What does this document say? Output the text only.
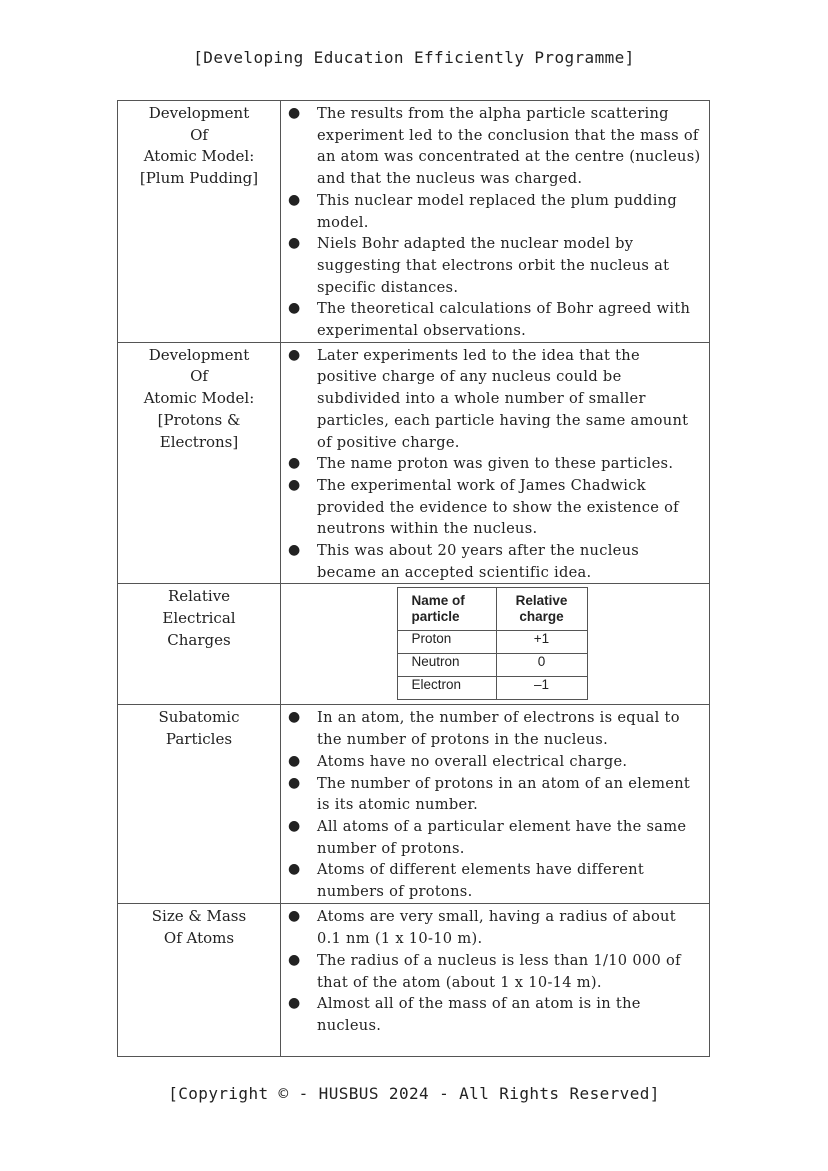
[Developing Education Efficiently Programme]
Development
Of
Atomic Model:
[Plum Pudding]

● The results from the alpha particle scattering experiment led to the conclusion that the mass of an atom was concentrated at the centre (nucleus) and that the nucleus was charged.
● This nuclear model replaced the plum pudding model.
● Niels Bohr adapted the nuclear model by suggesting that electrons orbit the nucleus at specific distances.
● The theoretical calculations of Bohr agreed with experimental observations.

Development
Of
Atomic Model:
[Protons &
Electrons]

● Later experiments led to the idea that the positive charge of any nucleus could be subdivided into a whole number of smaller particles, each particle having the same amount of positive charge.
● The name proton was given to these particles.
● The experimental work of James Chadwick provided the evidence to show the existence of neutrons within the nucleus.
● This was about 20 years after the nucleus became an accepted scientific idea.

Relative
Electrical
Charges

Name of particle	Relative charge
Proton	+1
Neutron	0
Electron	–1

Subatomic
Particles

● In an atom, the number of electrons is equal to the number of protons in the nucleus.
● Atoms have no overall electrical charge.
● The number of protons in an atom of an element is its atomic number.
● All atoms of a particular element have the same number of protons.
● Atoms of different elements have different numbers of protons.

Size & Mass
Of Atoms

● Atoms are very small, having a radius of about 0.1 nm (1 x 10-10 m).
● The radius of a nucleus is less than 1/10 000 of that of the atom (about 1 x 10-14 m).
● Almost all of the mass of an atom is in the nucleus.
[Copyright © - HUSBUS 2024 - All Rights Reserved]
